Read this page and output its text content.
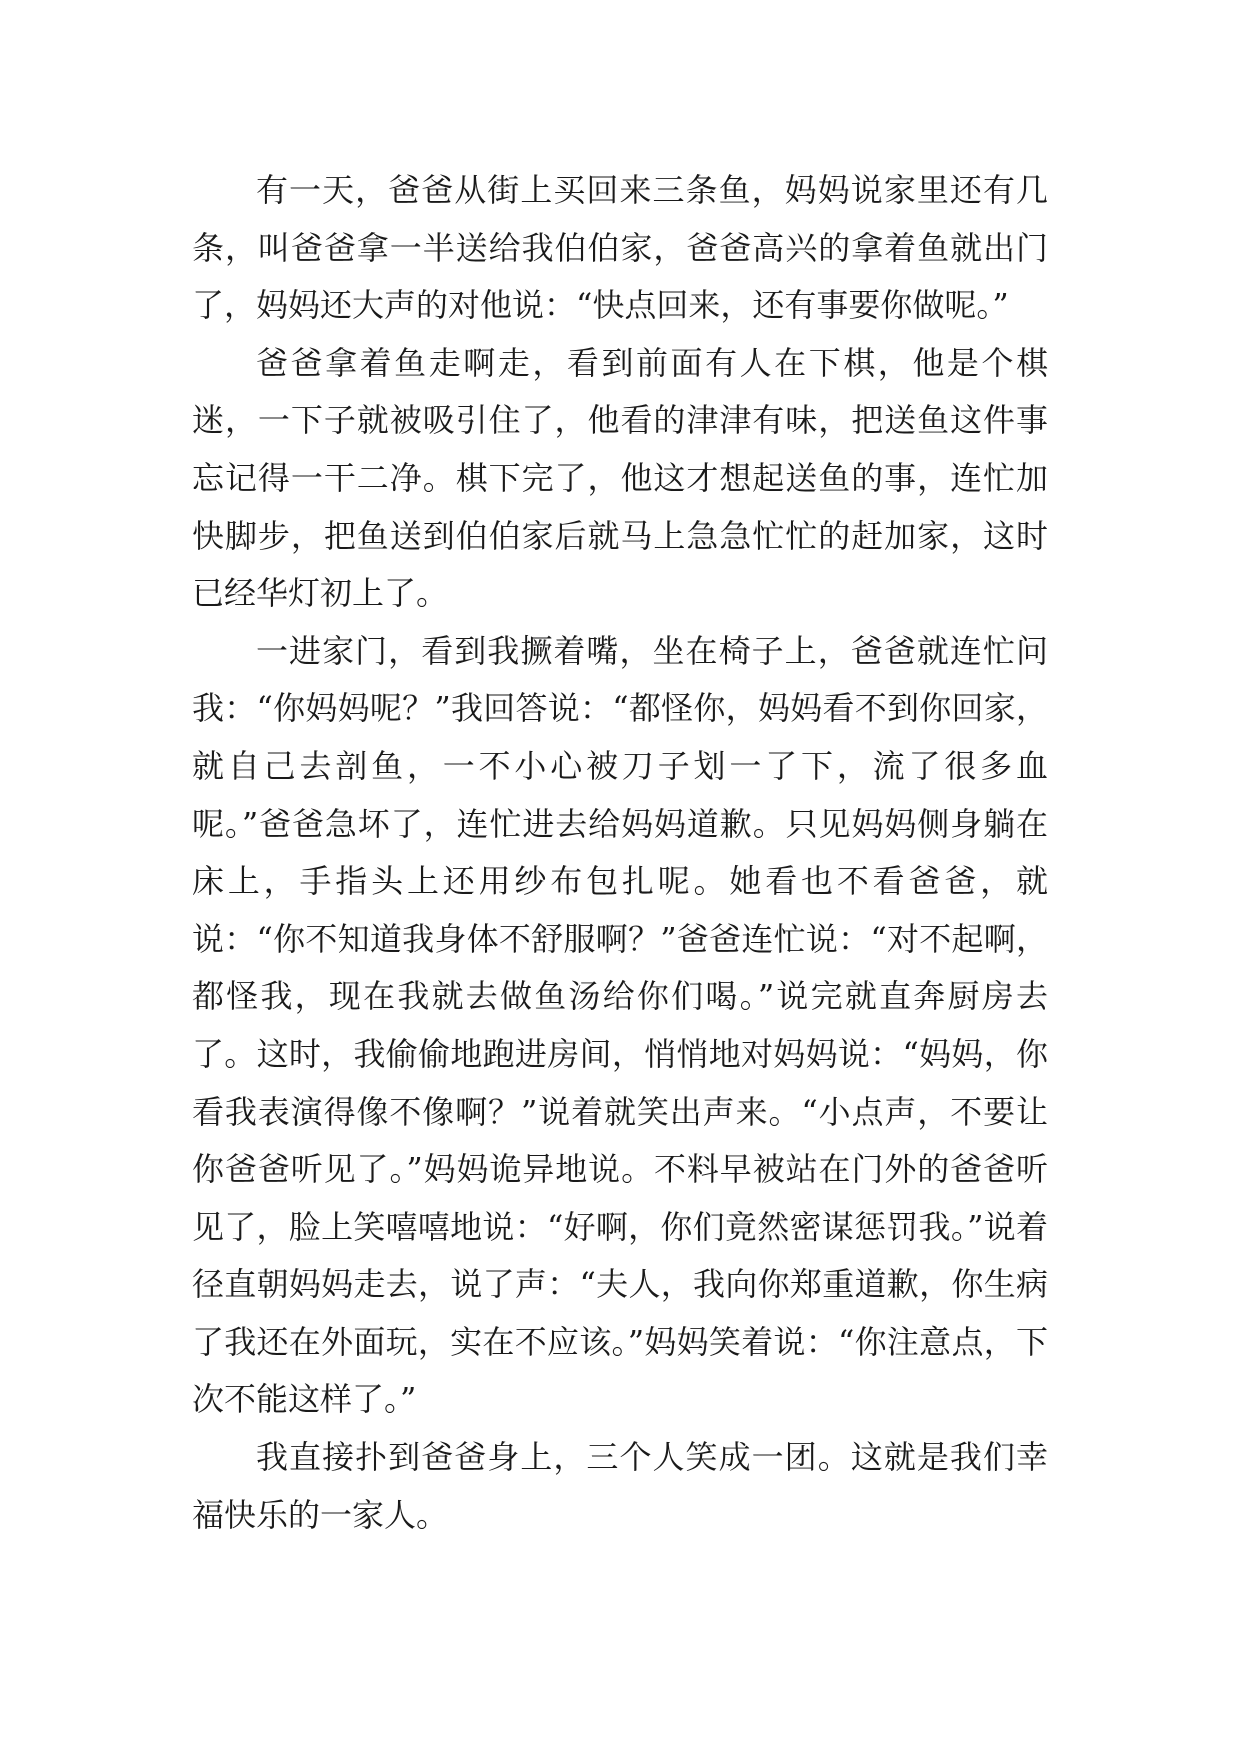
有一天，爸爸从街上买回来三条鱼，妈妈说家里还有几条，叫爸爸拿一半送给我伯伯家，爸爸高兴的拿着鱼就出门了，妈妈还大声的对他说：“快点回来，还有事要你做呢。”

爸爸拿着鱼走啊走，看到前面有人在下棋，他是个棋迷，一下子就被吸引住了，他看的津津有味，把送鱼这件事忘记得一干二净。棋下完了，他这才想起送鱼的事，连忙加快脚步，把鱼送到伯伯家后就马上急急忙忙的赶加家，这时已经华灯初上了。

一进家门，看到我撅着嘴，坐在椅子上，爸爸就连忙问我：“你妈妈呢？”我回答说：“都怪你，妈妈看不到你回家，就自己去剖鱼，一不小心被刀子划一了下，流了很多血呢。”爸爸急坏了，连忙进去给妈妈道歉。只见妈妈侧身躺在床上，手指头上还用纱布包扎呢。她看也不看爸爸，就说：“你不知道我身体不舒服啊？”爸爸连忙说：“对不起啊，都怪我，现在我就去做鱼汤给你们喝。”说完就直奔厨房去了。这时，我偷偷地跑进房间，悄悄地对妈妈说：“妈妈，你看我表演得像不像啊？”说着就笑出声来。“小点声，不要让你爸爸听见了。”妈妈诡异地说。不料早被站在门外的爸爸听见了，脸上笑嘻嘻地说：“好啊，你们竟然密谋惩罚我。”说着径直朝妈妈走去，说了声：“夫人，我向你郑重道歉，你生病了我还在外面玩，实在不应该。”妈妈笑着说：“你注意点，下次不能这样了。”

我直接扑到爸爸身上，三个人笑成一团。这就是我们幸福快乐的一家人。
